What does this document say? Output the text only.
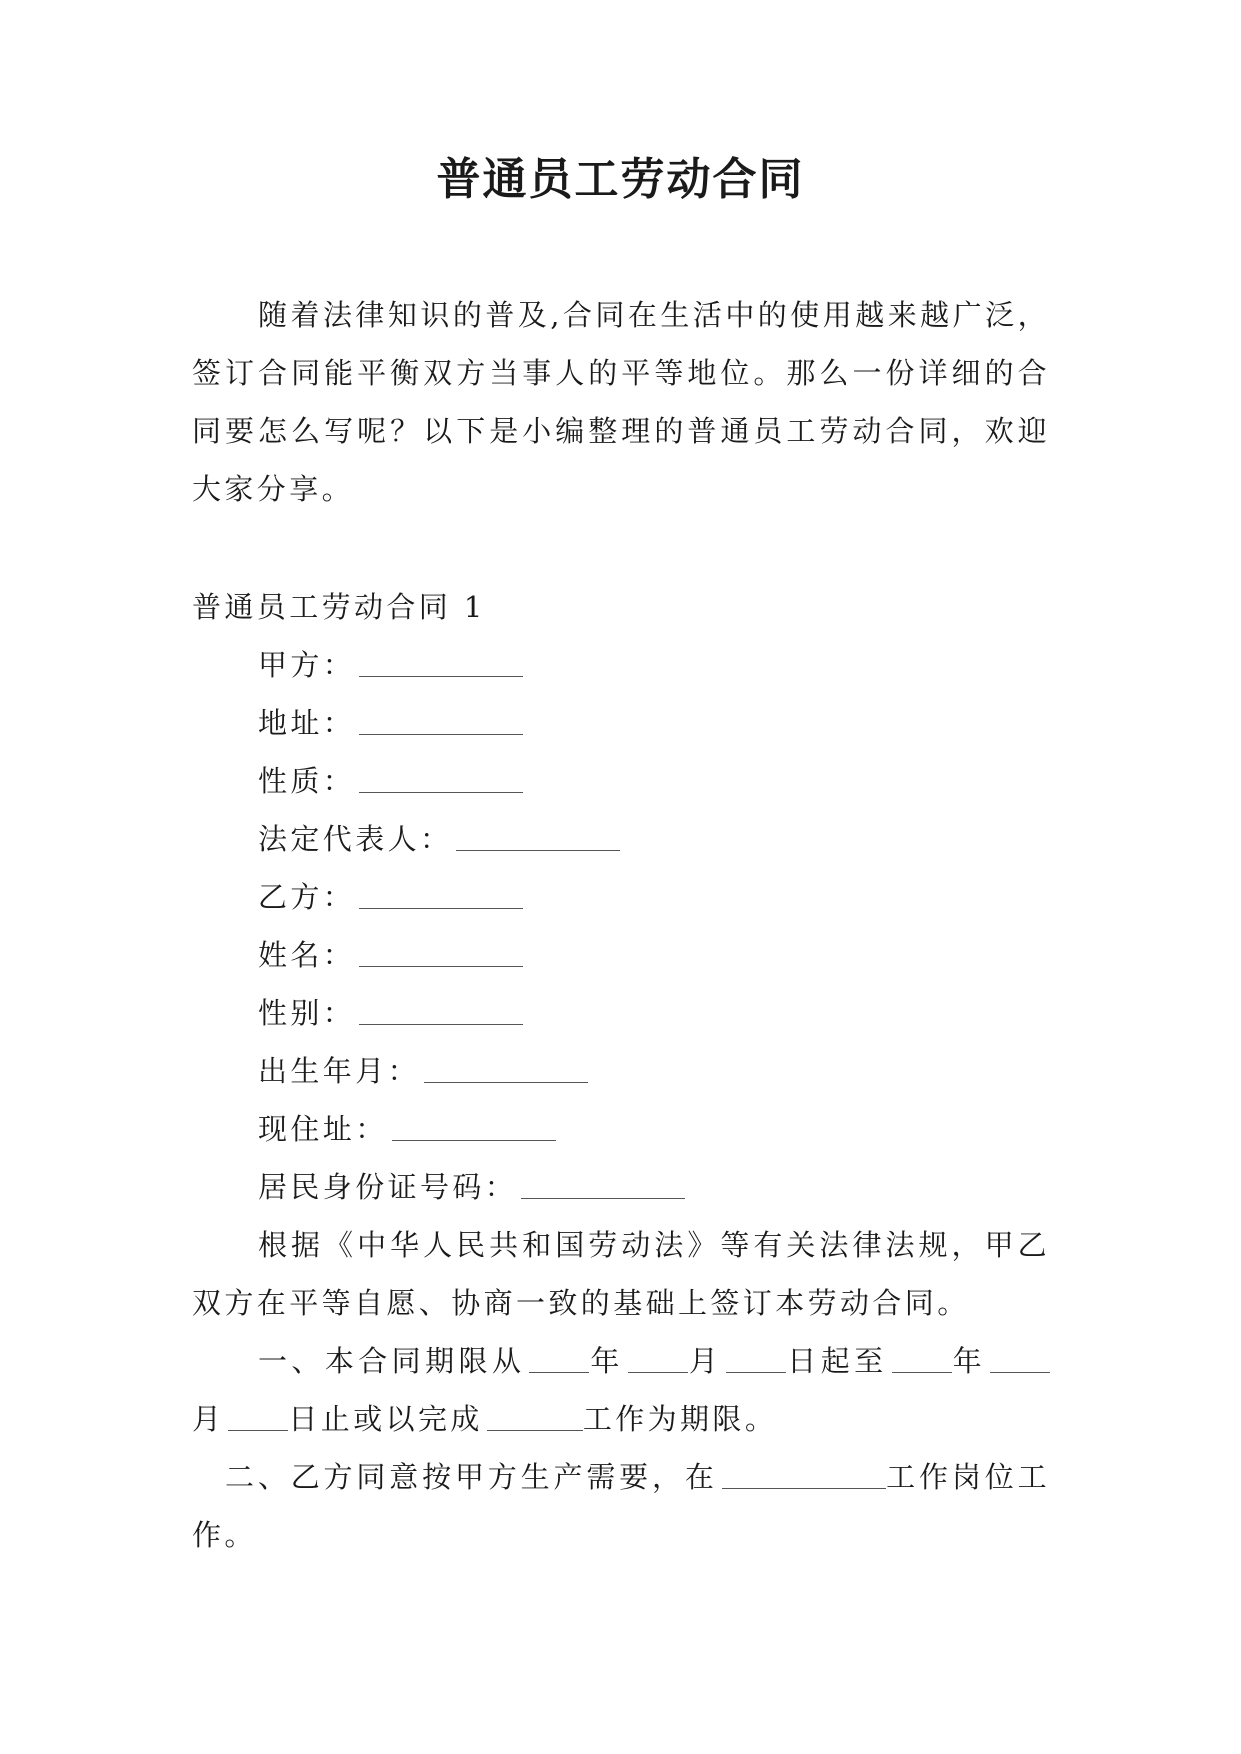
普通员工劳动合同

随着法律知识的普及,合同在生活中的使用越来越广泛，签订合同能平衡双方当事人的平等地位。那么一份详细的合同要怎么写呢？以下是小编整理的普通员工劳动合同，欢迎大家分享。

普通员工劳动合同 1

甲方：

地址：

性质：

法定代表人：

乙方：

姓名：

性别：

出生年月：

现住址：

居民身份证号码：

根据《中华人民共和国劳动法》等有关法律法规，甲乙双方在平等自愿、协商一致的基础上签订本劳动合同。

一、本合同期限从 年 月 日起至 年月 日止或以完成	工作为期限。

二、乙方同意按甲方生产需要，在	工作岗位工作。
